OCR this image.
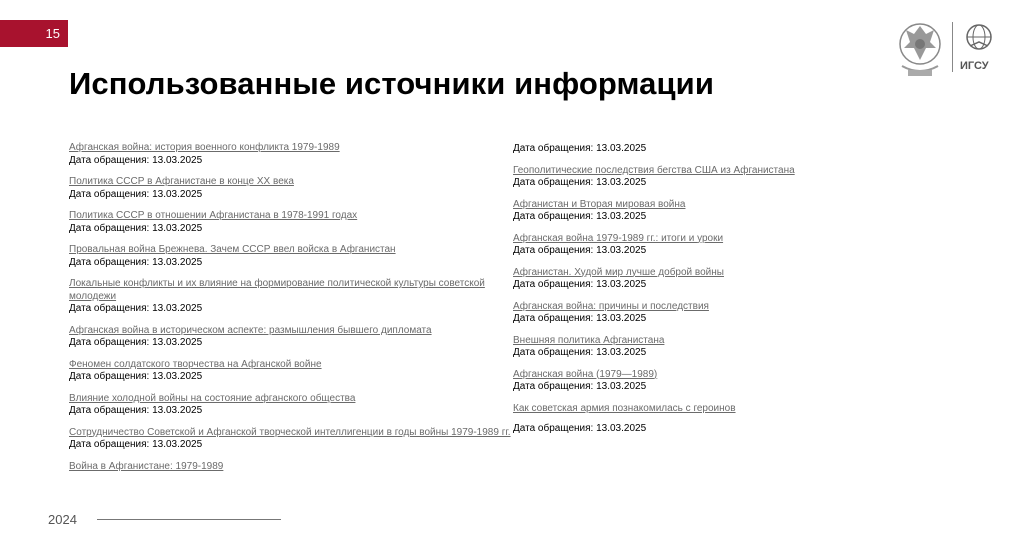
15
Использованные источники информации	ИГСУ
Афганская война: история военного конфликта 1979-1989
Дата обращения: 13.03.2025
Политика СССР в Афганистане в конце ХХ века
Дата обращения: 13.03.2025
Политика СССР в отношении Афганистана в 1978-1991 годах
Дата обращения: 13.03.2025
Провальная война Брежнева. Зачем СССР ввел войска в Афганистан
Дата обращения: 13.03.2025
Локальные конфликты и их влияние на формирование политической культуры советской молодежи
Дата обращения: 13.03.2025
Афганская война в историческом аспекте: размышления бывшего дипломата
Дата обращения: 13.03.2025
Феномен солдатского творчества на Афганской войне
Дата обращения: 13.03.2025
Влияние холодной войны на состояние афганского общества
Дата обращения: 13.03.2025
Сотрудничество Советской и Афганской творческой интеллигенции в годы войны 1979-1989 гг.
Дата обращения: 13.03.2025
Война в Афганистане: 1979-1989
Дата обращения: 13.03.2025
Геополитические последствия бегства США из Афганистана
Дата обращения: 13.03.2025
Афганистан и Вторая мировая война
Дата обращения: 13.03.2025
Афганская война 1979-1989 гг.: итоги и уроки
Дата обращения: 13.03.2025
Афганистан. Худой мир лучше доброй войны
Дата обращения: 13.03.2025
Афганская война: причины и последствия
Дата обращения: 13.03.2025
Внешняя политика Афганистана
Дата обращения: 13.03.2025
Афганская война (1979—1989)
Дата обращения: 13.03.2025
Как советская армия познакомилась с героинов
Дата обращения: 13.03.2025
2024
